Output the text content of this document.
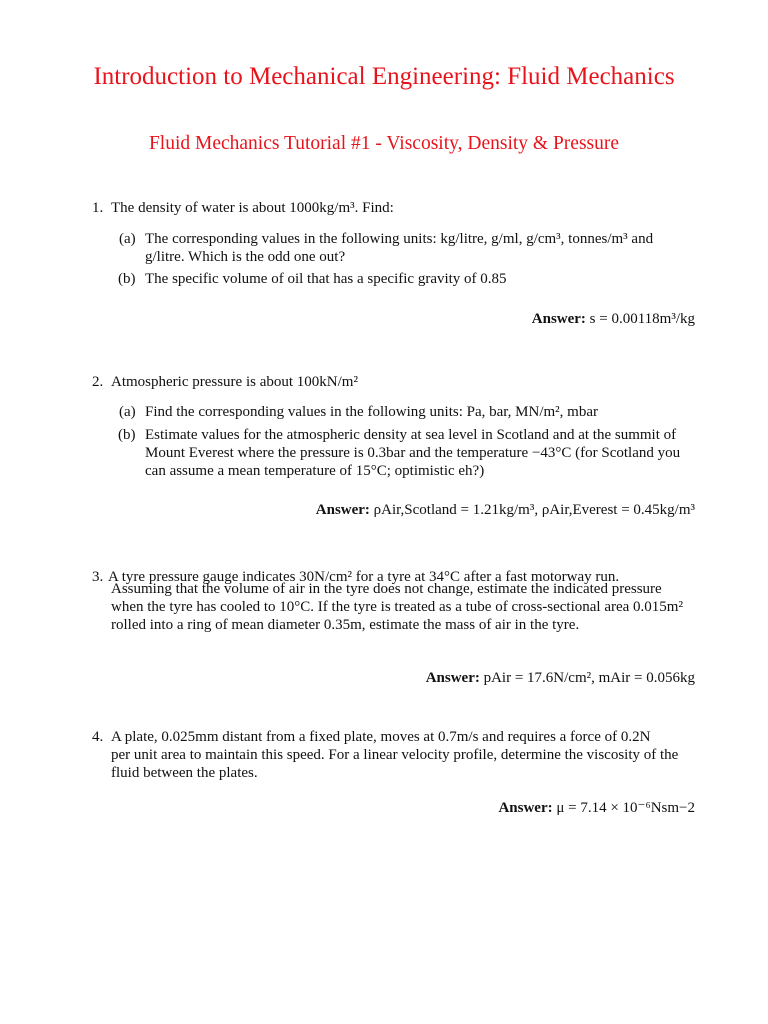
Introduction to Mechanical Engineering: Fluid Mechanics
Fluid Mechanics Tutorial #1 - Viscosity, Density & Pressure
1. The density of water is about 1000kg/m³. Find:
(a) The corresponding values in the following units: kg/litre, g/ml, g/cm³, tonnes/m³ and
g/litre. Which is the odd one out?
(b) The specific volume of oil that has a specific gravity of 0.85
Answer: s = 0.00118m³/kg
2. Atmospheric pressure is about 100kN/m²
(a) Find the corresponding values in the following units: Pa, bar, MN/m², mbar
(b) Estimate values for the atmospheric density at sea level in Scotland and at the summit of
Mount Everest where the pressure is 0.3bar and the temperature −43°C (for Scotland you
can assume a mean temperature of 15°C; optimistic eh?)
Answer: ρAir,Scotland = 1.21kg/m³, ρAir,Everest = 0.45kg/m³
3. A tyre pressure gauge indicates 30N/cm² for a tyre at 34°C after a fast motorway run.
Assuming that the volume of air in the tyre does not change, estimate the indicated pressure
when the tyre has cooled to 10°C. If the tyre is treated as a tube of cross-sectional area 0.015m²
rolled into a ring of mean diameter 0.35m, estimate the mass of air in the tyre.
Answer: pAir = 17.6N/cm², mAir = 0.056kg
4. A plate, 0.025mm distant from a fixed plate, moves at 0.7m/s and requires a force of 0.2N
per unit area to maintain this speed. For a linear velocity profile, determine the viscosity of the
fluid between the plates.
Answer: μ = 7.14 × 10⁻⁶Nsm−2
